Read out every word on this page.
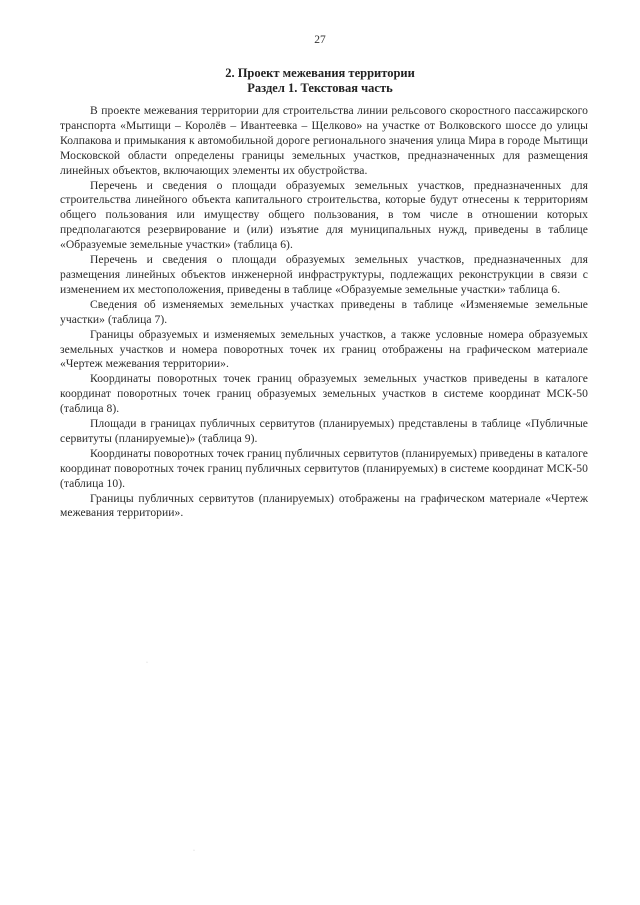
27
2. Проект межевания территории
Раздел 1. Текстовая часть

В проекте межевания территории для строительства линии рельсового скоростного пассажирского транспорта «Мытищи – Королёв – Ивантеевка – Щелково» на участке от Волковского шоссе до улицы Колпакова и примыкания к автомобильной дороге регионального значения улица Мира в городе Мытищи Московской области определены границы земельных участков, предназначенных для размещения линейных объектов, включающих элементы их обустройства.

Перечень и сведения о площади образуемых земельных участков, предназначенных для строительства линейного объекта капитального строительства, которые будут отнесены к территориям общего пользования или имуществу общего пользования, в том числе в отношении которых предполагаются резервирование и (или) изъятие для муниципальных нужд, приведены в таблице «Образуемые земельные участки» (таблица 6).

Перечень и сведения о площади образуемых земельных участков, предназначенных для размещения линейных объектов инженерной инфраструктуры, подлежащих реконструкции в связи с изменением их местоположения, приведены в таблице «Образуемые земельные участки» таблица 6.

Сведения об изменяемых земельных участках приведены в таблице «Изменяемые земельные участки» (таблица 7).

Границы образуемых и изменяемых земельных участков, а также условные номера образуемых земельных участков и номера поворотных точек их границ отображены на графическом материале «Чертеж межевания территории».

Координаты поворотных точек границ образуемых земельных участков приведены в каталоге координат поворотных точек границ образуемых земельных участков в системе координат МСК-50 (таблица 8).

Площади в границах публичных сервитутов (планируемых) представлены в таблице «Публичные сервитуты (планируемые)» (таблица 9).

Координаты поворотных точек границ публичных сервитутов (планируемых) приведены в каталоге координат поворотных точек границ публичных сервитутов (планируемых) в системе координат МСК-50 (таблица 10).

Границы публичных сервитутов (планируемых) отображены на графическом материале «Чертеж межевания территории».

·
·
